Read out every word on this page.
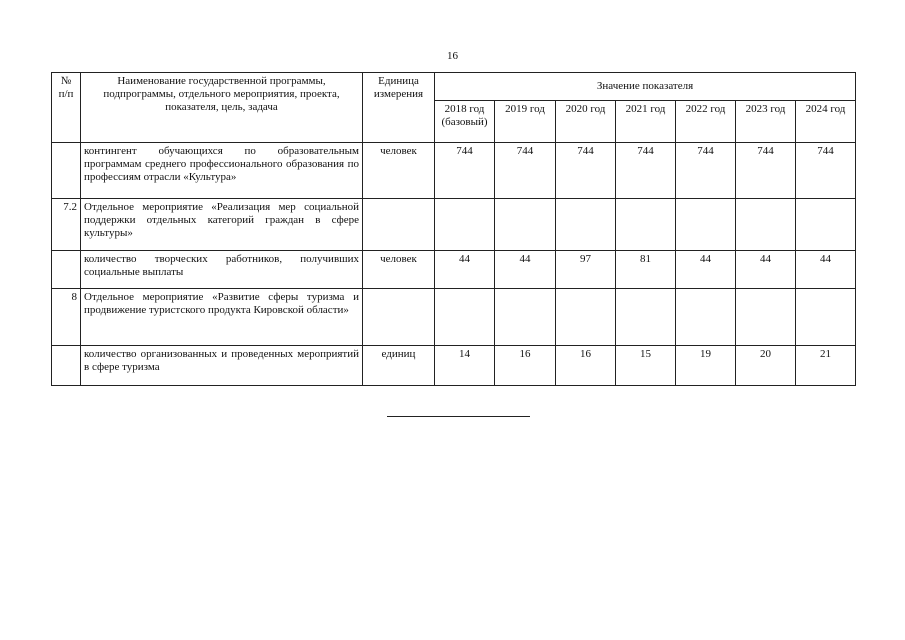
16
№ п/п	Наименование государственной программы, подпрограммы, отдельного мероприятия, проекта, показателя, цель, задача	Единица измерения	Значение показателя						
			2018 год (базовый)	2019 год	2020 год	2021 год	2022 год	2023 год	2024 год
	контингент обучающихся по образовательным программам среднего профессионального образования по профессиям отрасли «Культура»	человек	744	744	744	744	744	744	744
7.2	Отдельное мероприятие «Реализация мер социальной поддержки отдельных категорий граждан в сфере культуры»								
	количество творческих работников, получивших социальные выплаты	человек	44	44	97	81	44	44	44
8	Отдельное мероприятие «Развитие сферы туризма и продвижение туристского продукта Кировской области»								
	количество организованных и проведенных мероприятий в сфере туризма	единиц	14	16	16	15	19	20	21
